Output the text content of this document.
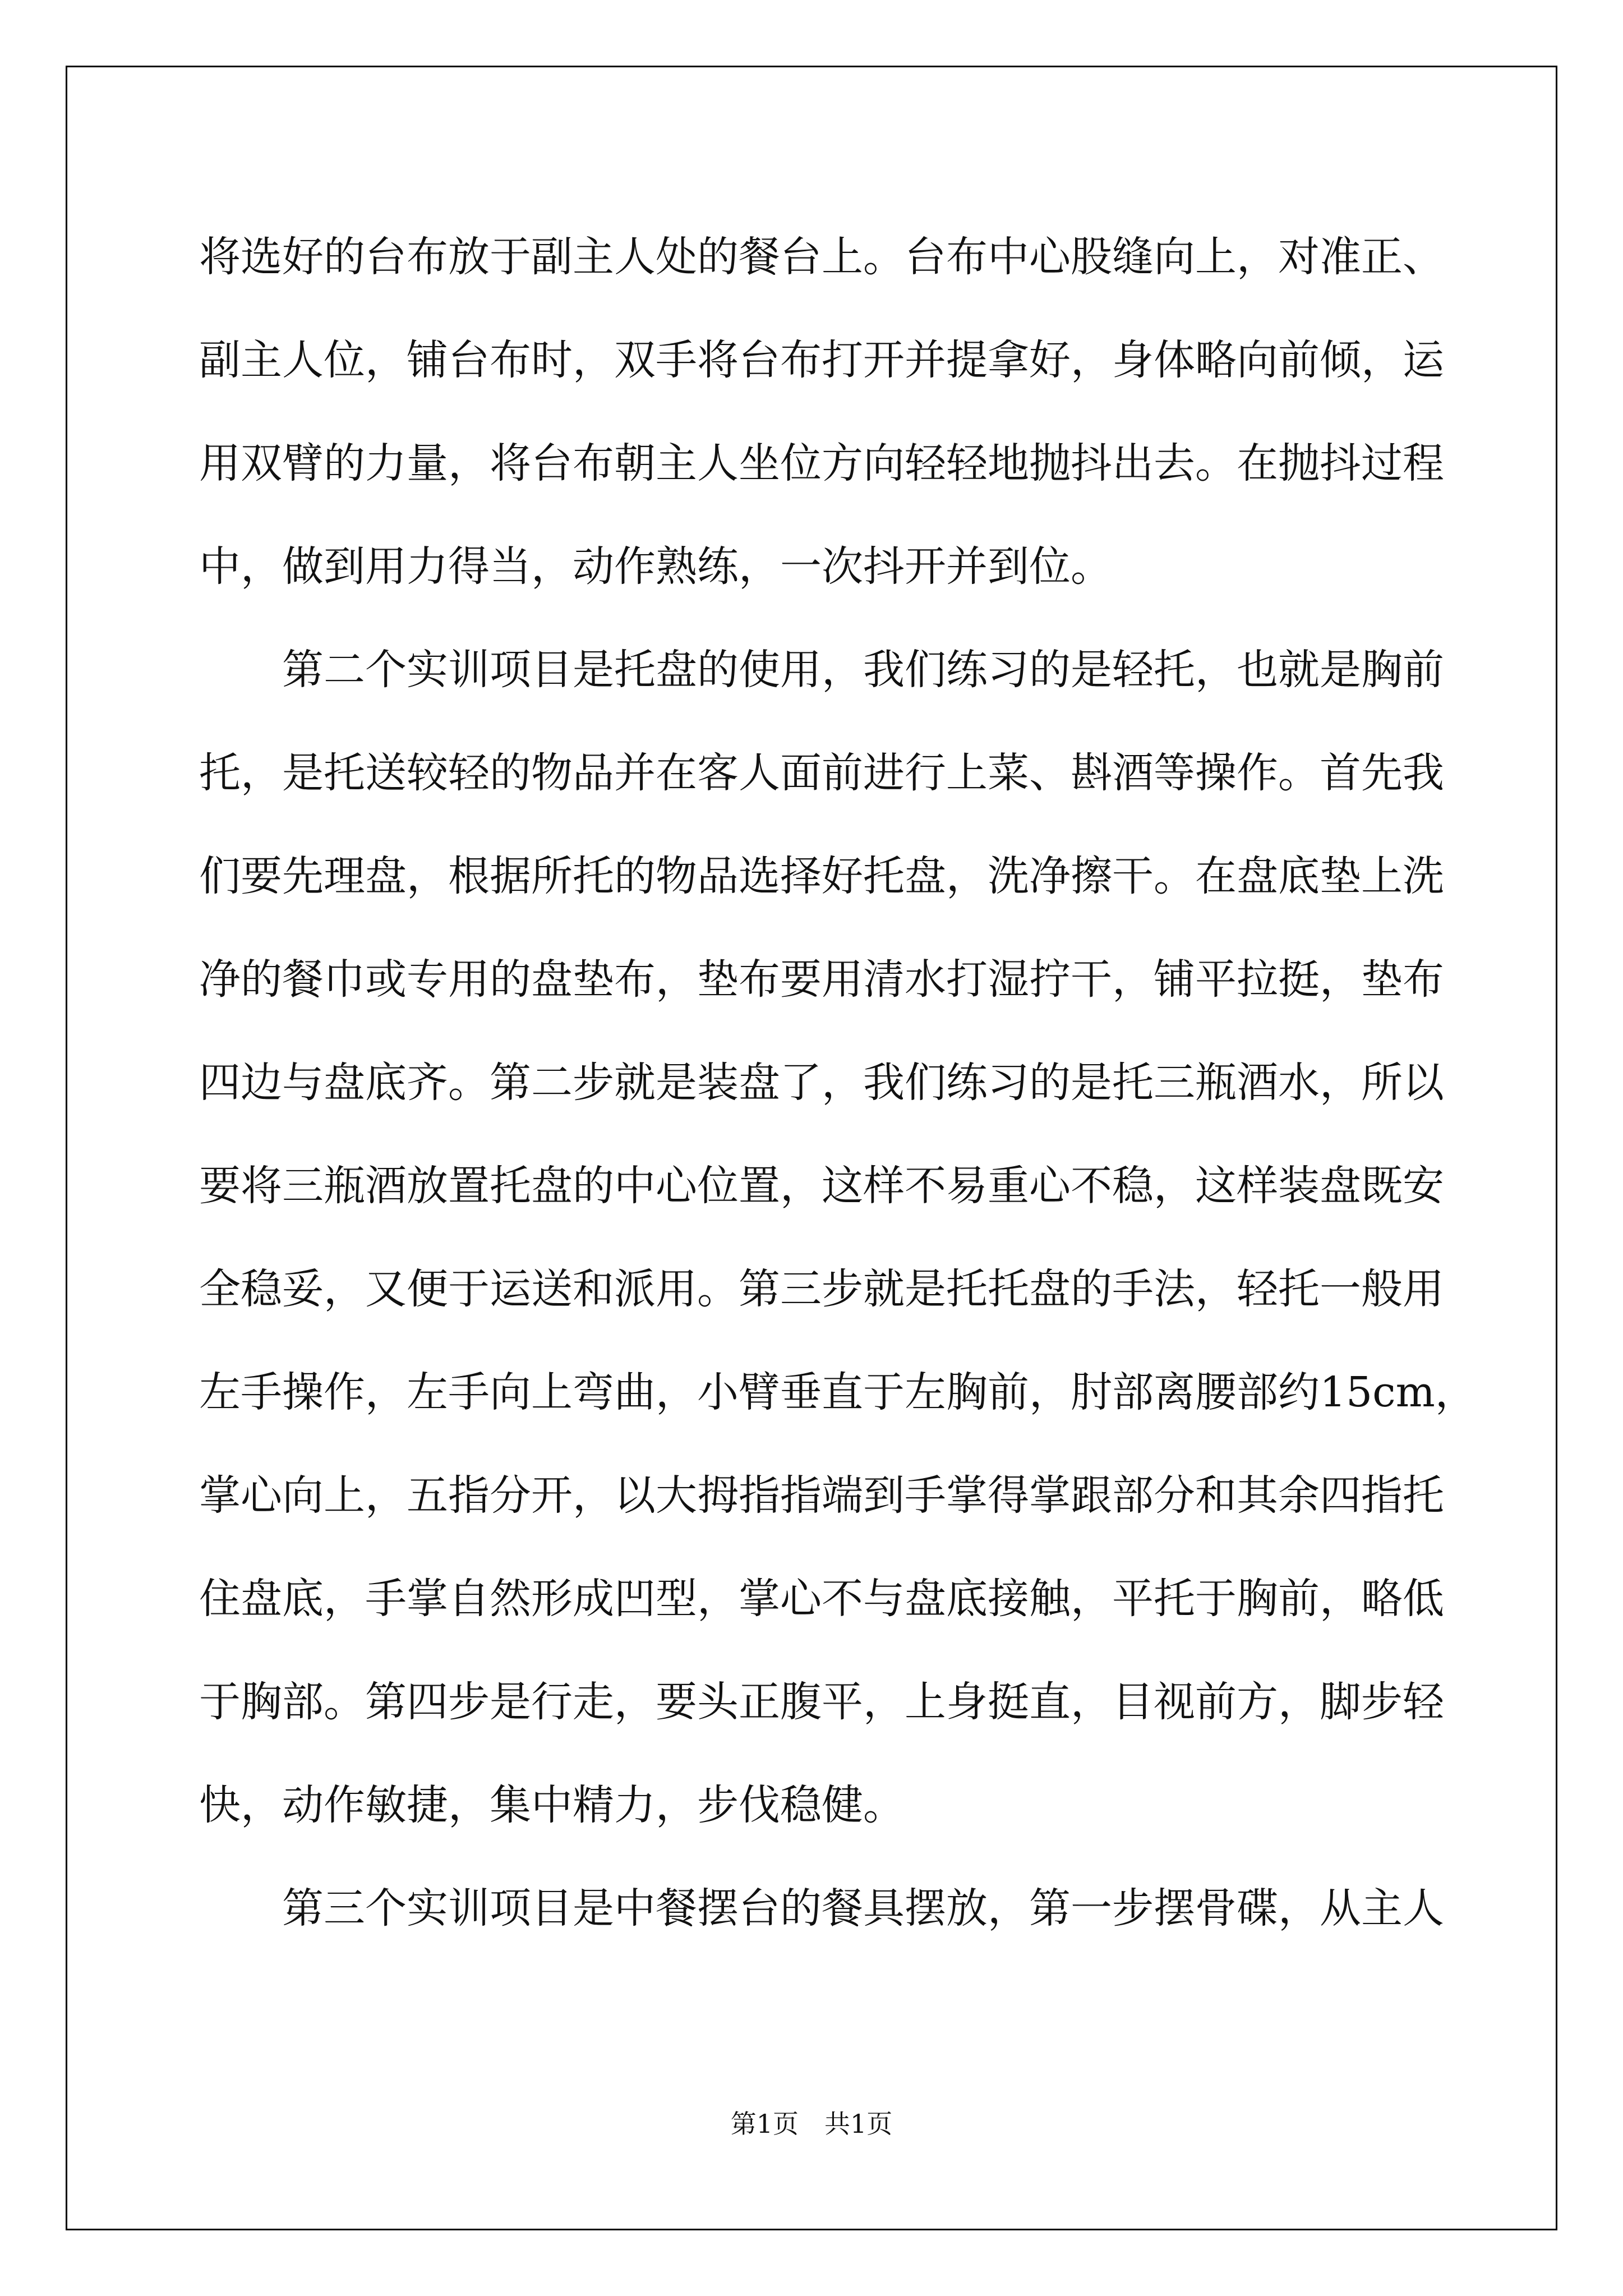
将选好的台布放于副主人处的餐台上。台布中心股缝向上，对准正、
副主人位，铺台布时，双手将台布打开并提拿好，身体略向前倾，运
用双臂的力量，将台布朝主人坐位方向轻轻地抛抖出去。在抛抖过程
中，做到用力得当，动作熟练，一次抖开并到位。
　　第二个实训项目是托盘的使用，我们练习的是轻托，也就是胸前
托，是托送较轻的物品并在客人面前进行上菜、斟酒等操作。首先我
们要先理盘，根据所托的物品选择好托盘，洗净擦干。在盘底垫上洗
净的餐巾或专用的盘垫布，垫布要用清水打湿拧干，铺平拉挺，垫布
四边与盘底齐。第二步就是装盘了，我们练习的是托三瓶酒水，所以
要将三瓶酒放置托盘的中心位置，这样不易重心不稳，这样装盘既安
全稳妥，又便于运送和派用。第三步就是托托盘的手法，轻托一般用
左手操作，左手向上弯曲，小臂垂直于左胸前，肘部离腰部约15cm，
掌心向上，五指分开，以大拇指指端到手掌得掌跟部分和其余四指托
住盘底，手掌自然形成凹型，掌心不与盘底接触，平托于胸前，略低
于胸部。第四步是行走，要头正腹平，上身挺直，目视前方，脚步轻
快，动作敏捷，集中精力，步伐稳健。
　　第三个实训项目是中餐摆台的餐具摆放，第一步摆骨碟，从主人
第1页　共1页
